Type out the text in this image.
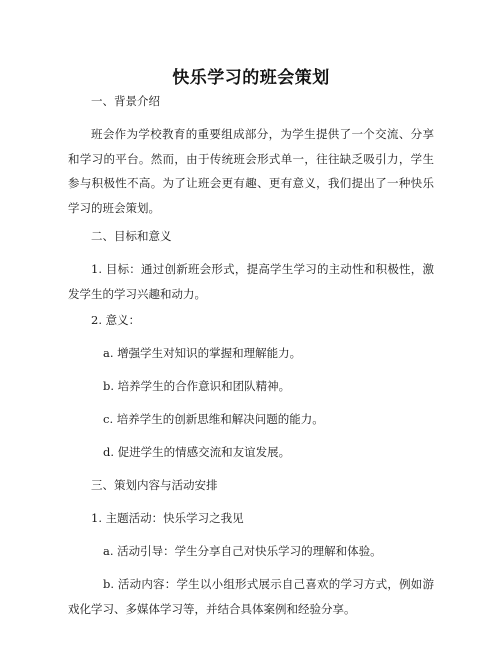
快乐学习的班会策划

一、背景介绍

班会作为学校教育的重要组成部分，为学生提供了一个交流、分享和学习的平台。然而，由于传统班会形式单一，往往缺乏吸引力，学生参与积极性不高。为了让班会更有趣、更有意义，我们提出了一种快乐学习的班会策划。

二、目标和意义

1. 目标：通过创新班会形式，提高学生学习的主动性和积极性，激发学生的学习兴趣和动力。

2. 意义：

a. 增强学生对知识的掌握和理解能力。

b. 培养学生的合作意识和团队精神。

c. 培养学生的创新思维和解决问题的能力。

d. 促进学生的情感交流和友谊发展。

三、策划内容与活动安排

1. 主题活动：快乐学习之我见

a. 活动引导：学生分享自己对快乐学习的理解和体验。

b. 活动内容：学生以小组形式展示自己喜欢的学习方式，例如游戏化学习、多媒体学习等，并结合具体案例和经验分享。
